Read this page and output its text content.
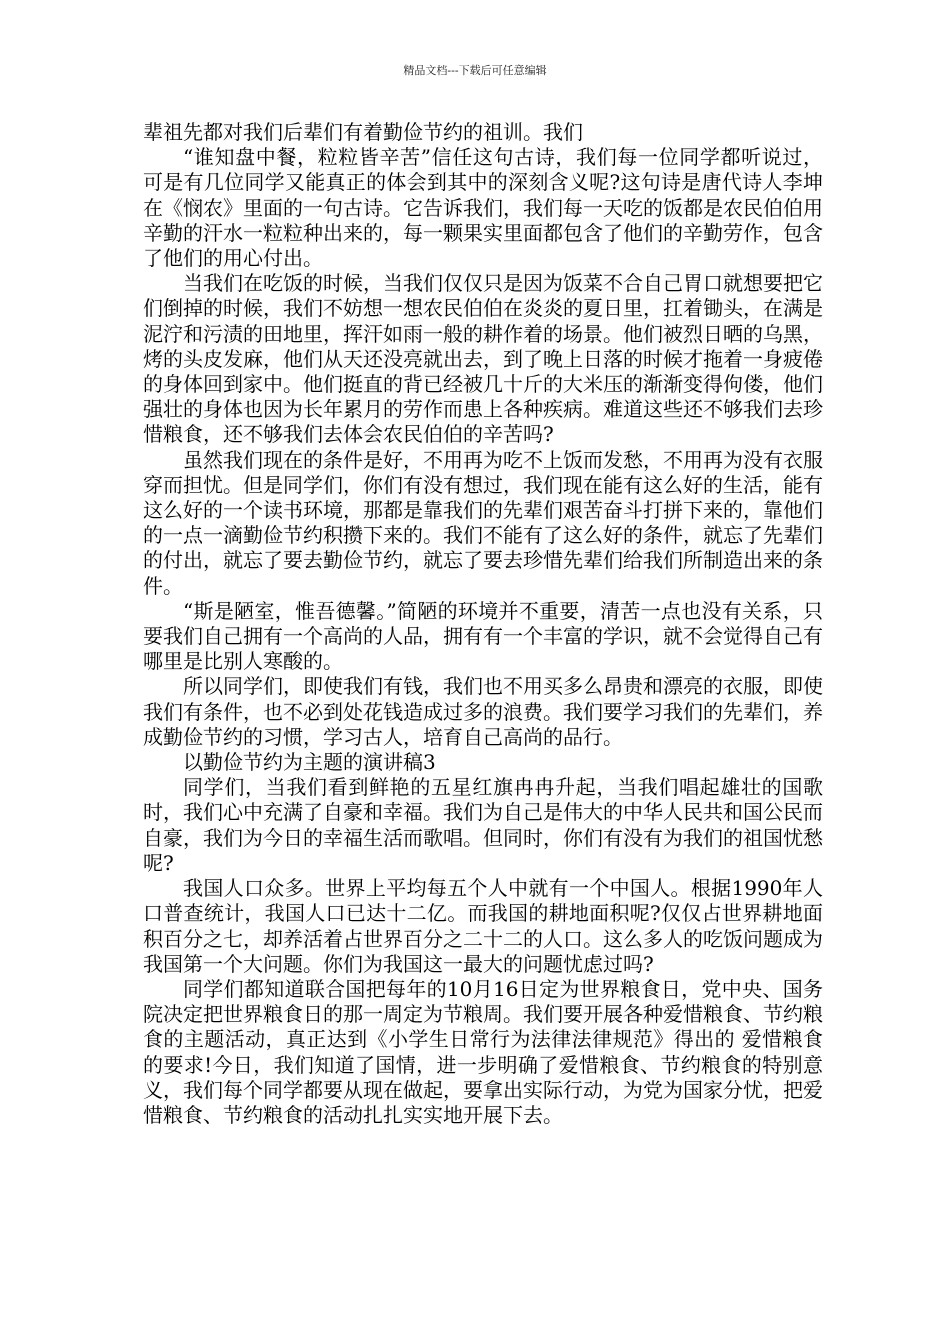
精品文档---下载后可任意编辑

辈祖先都对我们后辈们有着勤俭节约的祖训。我们

“谁知盘中餐，粒粒皆辛苦”信任这句古诗，我们每一位同学都听说过，可是有几位同学又能真正的体会到其中的深刻含义呢?这句诗是唐代诗人李坤在《悯农》里面的一句古诗。它告诉我们，我们每一天吃的饭都是农民伯伯用辛勤的汗水一粒粒种出来的，每一颗果实里面都包含了他们的辛勤劳作，包含了他们的用心付出。

当我们在吃饭的时候，当我们仅仅只是因为饭菜不合自己胃口就想要把它们倒掉的时候，我们不妨想一想农民伯伯在炎炎的夏日里，扛着锄头，在满是泥泞和污渍的田地里，挥汗如雨一般的耕作着的场景。他们被烈日晒的乌黑，烤的头皮发麻，他们从天还没亮就出去，到了晚上日落的时候才拖着一身疲倦的身体回到家中。他们挺直的背已经被几十斤的大米压的渐渐变得佝偻，他们强壮的身体也因为长年累月的劳作而患上各种疾病。难道这些还不够我们去珍惜粮食，还不够我们去体会农民伯伯的辛苦吗?

虽然我们现在的条件是好，不用再为吃不上饭而发愁，不用再为没有衣服穿而担忧。但是同学们，你们有没有想过，我们现在能有这么好的生活，能有这么好的一个读书环境，那都是靠我们的先辈们艰苦奋斗打拼下来的，靠他们的一点一滴勤俭节约积攒下来的。我们不能有了这么好的条件，就忘了先辈们的付出，就忘了要去勤俭节约，就忘了要去珍惜先辈们给我们所制造出来的条件。

“斯是陋室，惟吾德馨。”简陋的环境并不重要，清苦一点也没有关系，只要我们自己拥有一个高尚的人品，拥有有一个丰富的学识，就不会觉得自己有哪里是比别人寒酸的。

所以同学们，即使我们有钱，我们也不用买多么昂贵和漂亮的衣服，即使我们有条件，也不必到处花钱造成过多的浪费。我们要学习我们的先辈们，养成勤俭节约的习惯，学习古人，培育自己高尚的品行。

以勤俭节约为主题的演讲稿3

同学们，当我们看到鲜艳的五星红旗冉冉升起，当我们唱起雄壮的国歌时，我们心中充满了自豪和幸福。我们为自己是伟大的中华人民共和国公民而自豪，我们为今日的幸福生活而歌唱。但同时，你们有没有为我们的祖国忧愁呢?

我国人口众多。世界上平均每五个人中就有一个中国人。根据1990年人口普查统计，我国人口已达十二亿。而我国的耕地面积呢?仅仅占世界耕地面积百分之七，却养活着占世界百分之二十二的人口。这么多人的吃饭问题成为我国第一个大问题。你们为我国这一最大的问题忧虑过吗?

同学们都知道联合国把每年的10月16日定为世界粮食日，党中央、国务院决定把世界粮食日的那一周定为节粮周。我们要开展各种爱惜粮食、节约粮食的主题活动，真正达到《小学生日常行为法律法律规范》得出的 爱惜粮食 的要求!今日，我们知道了国情，进一步明确了爱惜粮食、节约粮食的特别意义，我们每个同学都要从现在做起，要拿出实际行动，为党为国家分忧，把爱惜粮食、节约粮食的活动扎扎实实地开展下去。
